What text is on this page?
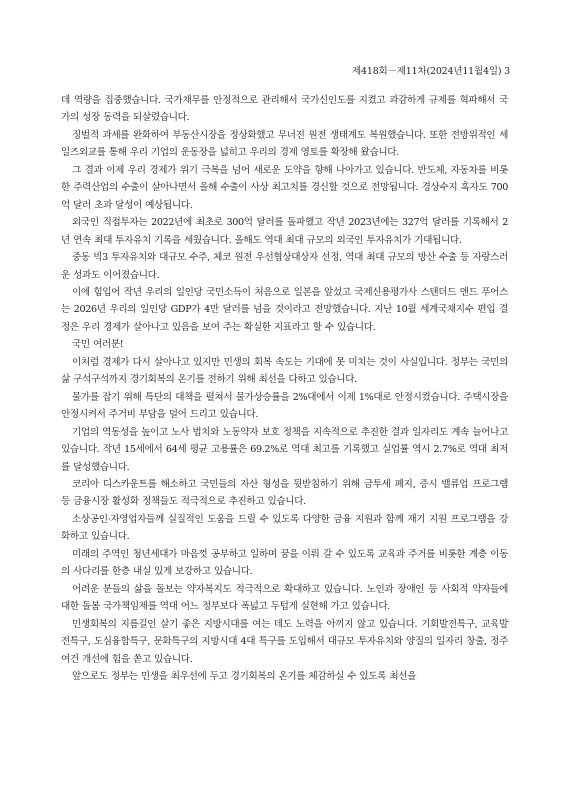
제418회－제11차(2024년11월4일) 3

데 역량을 집중했습니다. 국가채무를 안정적으로 관리해서 국가신인도를 지켰고 과감하게 규제를 혁파해서 국가의 성장 동력을 되살렸습니다.

징벌적 과세를 완화하여 부동산시장을 정상화했고 무너진 원전 생태계도 복원했습니다. 또한 전방위적인 세일즈외교를 통해 우리 기업의 운동장을 넓히고 우리의 경제 영토를 확장해 왔습니다.

그 결과 이제 우리 경제가 위기 극복을 넘어 새로운 도약을 향해 나아가고 있습니다. 반도체, 자동차를 비롯한 주력산업의 수출이 살아나면서 올해 수출이 사상 최고치를 경신할 것으로 전망됩니다. 경상수지 흑자도 700억 달러 초과 달성이 예상됩니다.

외국인 직접투자는 2022년에 최초로 300억 달러를 돌파했고 작년 2023년에는 327억 달러를 기록해서 2년 연속 최대 투자유치 기록을 세웠습니다. 올해도 역대 최대 규모의 외국인 투자유치가 기대됩니다.

중동 빅3 투자유치와 대규모 수주, 체코 원전 우선협상대상자 선정, 역대 최대 규모의 방산 수출 등 자랑스러운 성과도 이어졌습니다.

이에 힘입어 작년 우리의 일인당 국민소득이 처음으로 일본을 앞섰고 국제신용평가사 스탠더드 앤드 푸어스는 2026년 우리의 일인당 GDP가 4만 달러를 넘을 것이라고 전망했습니다. 지난 10월 세계국채지수 편입 결정은 우리 경제가 살아나고 있음을 보여 주는 확실한 지표라고 할 수 있습니다.

국민 여러분!

이처럼 경제가 다시 살아나고 있지만 민생의 회복 속도는 기대에 못 미치는 것이 사실입니다. 정부는 국민의 삶 구석구석까지 경기회복의 온기를 전하기 위해 최선을 다하고 있습니다.

물가를 잡기 위해 특단의 대책을 펼쳐서 물가상승률을 2%대에서 이제 1%대로 안정시켰습니다. 주택시장을 안정시켜서 주거비 부담을 덜어 드리고 있습니다.

기업의 역동성을 높이고 노사 법치와 노동약자 보호 정책을 지속적으로 추진한 결과 일자리도 계속 늘어나고 있습니다. 작년 15세에서 64세 평균 고용률은 69.2%로 역대 최고를 기록했고 실업률 역시 2.7%로 역대 최저를 달성했습니다.

코리아 디스카운트를 해소하고 국민들의 자산 형성을 뒷받침하기 위해 금투세 폐지, 증시 밸류업 프로그램 등 금융시장 활성화 정책들도 적극적으로 추진하고 있습니다.

소상공인·자영업자들께 실질적인 도움을 드릴 수 있도록 다양한 금융 지원과 함께 재기 지원 프로그램을 강화하고 있습니다.

미래의 주역인 청년세대가 마음껏 공부하고 일하며 꿈을 이뤄 갈 수 있도록 교육과 주거를 비롯한 계층 이동의 사다리를 한층 내실 있게 보강하고 있습니다.

어려운 분들의 삶을 돌보는 약자복지도 적극적으로 확대하고 있습니다. 노인과 장애인 등 사회적 약자들에 대한 돌봄 국가책임제를 역대 어느 정부보다 폭넓고 두텁게 실현해 가고 있습니다.

민생회복의 지름길인 살기 좋은 지방시대를 여는 데도 노력을 아끼지 않고 있습니다. 기회발전특구, 교육발전특구, 도심융합특구, 문화특구의 지방시대 4대 특구를 도입해서 대규모 투자유치와 양질의 일자리 창출, 정주여건 개선에 힘을 쏟고 있습니다.

앞으로도 정부는 민생을 최우선에 두고 경기회복의 온기를 체감하실 수 있도록 최선을
